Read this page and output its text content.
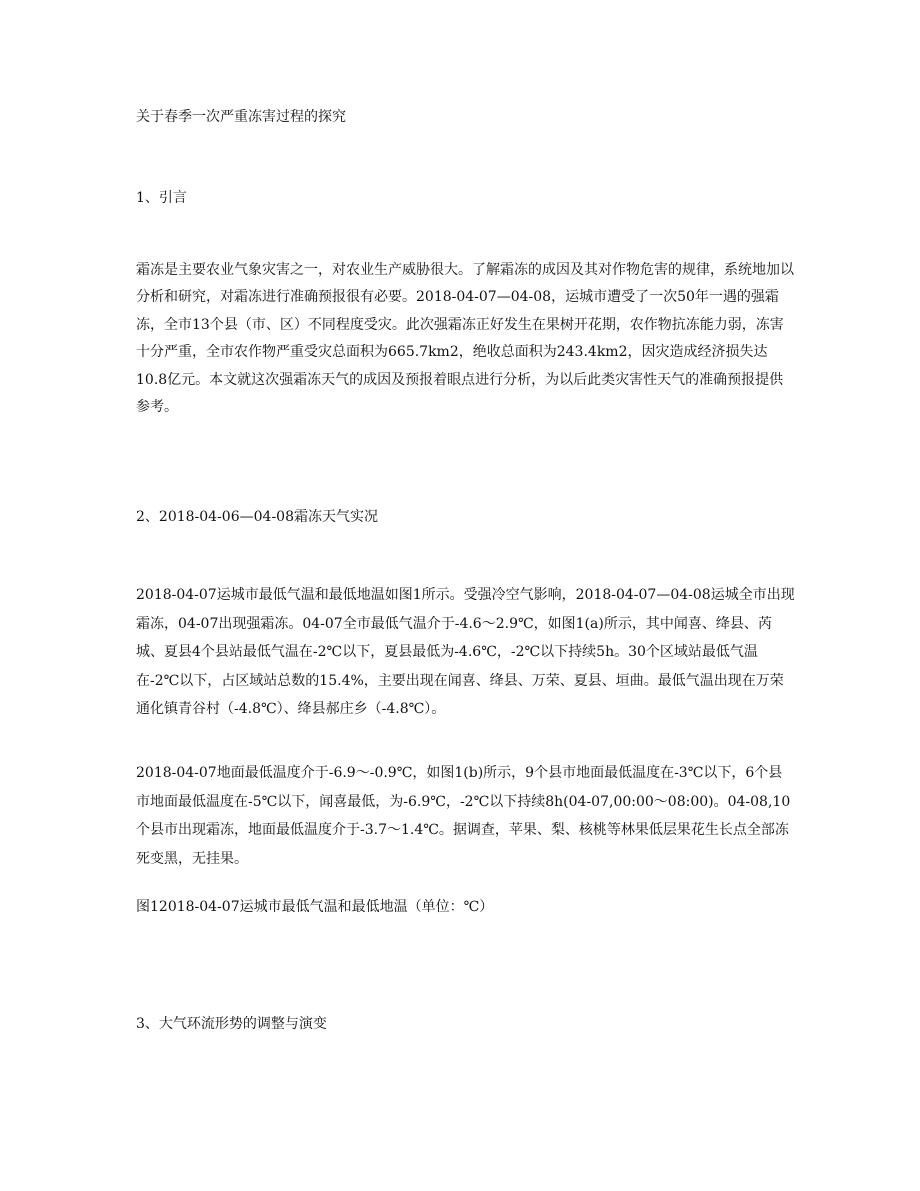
关于春季一次严重冻害过程的探究
1、引言

霜冻是主要农业气象灾害之一，对农业生产威胁很大。了解霜冻的成因及其对作物危害的规律，系统地加以分析和研究，对霜冻进行准确预报很有必要。2018-04-07—04-08，运城市遭受了一次50年一遇的强霜冻，全市13个县（市、区）不同程度受灾。此次强霜冻正好发生在果树开花期，农作物抗冻能力弱，冻害十分严重，全市农作物严重受灾总面积为665.7km2，绝收总面积为243.4km2，因灾造成经济损失达10.8亿元。本文就这次强霜冻天气的成因及预报着眼点进行分析，为以后此类灾害性天气的准确预报提供参考。

2、2018-04-06—04-08霜冻天气实况

2018-04-07运城市最低气温和最低地温如图1所示。受强冷空气影响，2018-04-07—04-08运城全市出现霜冻，04-07出现强霜冻。04-07全市最低气温介于-4.6～2.9℃，如图1(a)所示，其中闻喜、绛县、芮城、夏县4个县站最低气温在-2℃以下，夏县最低为-4.6℃，-2℃以下持续5h。30个区域站最低气温在-2℃以下，占区域站总数的15.4%，主要出现在闻喜、绛县、万荣、夏县、垣曲。最低气温出现在万荣通化镇青谷村（-4.8℃）、绛县郝庄乡（-4.8℃）。

2018-04-07地面最低温度介于-6.9～-0.9℃，如图1(b)所示，9个县市地面最低温度在-3℃以下，6个县市地面最低温度在-5℃以下，闻喜最低，为-6.9℃，-2℃以下持续8h(04-07,00:00～08:00)。04-08,10个县市出现霜冻，地面最低温度介于-3.7～1.4℃。据调查，苹果、梨、核桃等林果低层果花生长点全部冻死变黑，无挂果。

图12018-04-07运城市最低气温和最低地温（单位：℃）
3、大气环流形势的调整与演变
